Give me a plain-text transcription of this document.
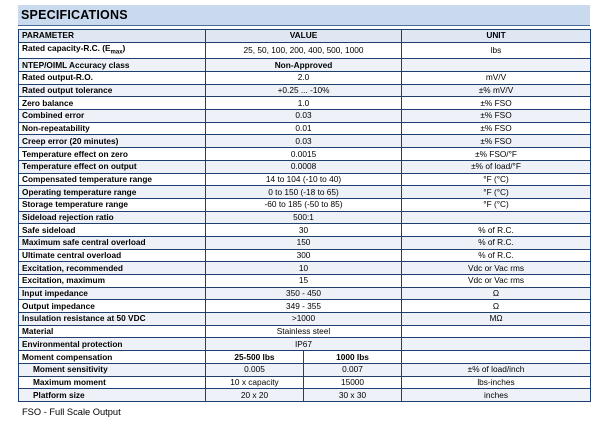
SPECIFICATIONS
PARAMETER	VALUE		UNIT
Rated capacity-R.C. $(E_{max})$	25, 50, 100, 200, 400, 500, 1000		lbs
NTEP/OIML Accuracy class	Non-Approved		
Rated output-R.O.	2.0		mV/V
Rated output tolerance	+0.25 ... -10%		±% mV/V
Zero balance	1.0		±% FSO
Combined error	0.03		±% FSO
Non-repeatability	0.01		±% FSO
Creep error (20 minutes)	0.03		±% FSO
Temperature effect on zero	0.0015		±% FSO/°F
Temperature effect on output	0.0008		±% of load/°F
Compensated temperature range	14 to 104 (-10 to 40)		°F (°C)
Operating temperature range	0 to 150 (-18 to 65)		°F (°C)
Storage temperature range	-60 to 185 (-50 to 85)		°F (°C)
Sideload rejection ratio	500:1		
Safe sideload	30		% of R.C.
Maximum safe central overload	150		% of R.C.
Ultimate central overload	300		% of R.C.
Excitation, recommended	10		Vdc or Vac rms
Excitation, maximum	15		Vdc or Vac rms
Input impedance	350 - 450		Ω
Output impedance	349 - 355		Ω
Insulation resistance at 50 VDC	>1000		MΩ
Material	Stainless steel		
Environmental protection	IP67		
Moment compensation	25-500 lbs	1000 lbs	
Moment sensitivity	0.005	0.007	±% of load/inch
Maximum moment	10 x capacity	15000	lbs-inches
Platform size	20 x 20	30 x 30	inches
FSO - Full Scale Output
